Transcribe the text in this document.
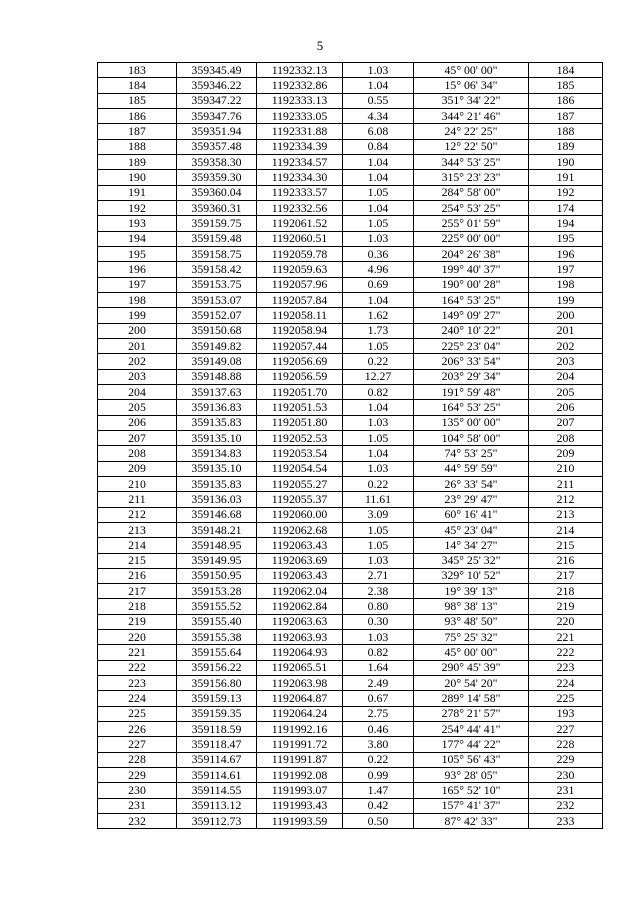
5
183	359345.49	1192332.13	1.03	45° 00' 00"	184
184	359346.22	1192332.86	1.04	15° 06' 34"	185
185	359347.22	1192333.13	0.55	351° 34' 22"	186
186	359347.76	1192333.05	4.34	344° 21' 46"	187
187	359351.94	1192331.88	6.08	24° 22' 25"	188
188	359357.48	1192334.39	0.84	12° 22' 50"	189
189	359358.30	1192334.57	1.04	344° 53' 25"	190
190	359359.30	1192334.30	1.04	315° 23' 23"	191
191	359360.04	1192333.57	1.05	284° 58' 00"	192
192	359360.31	1192332.56	1.04	254° 53' 25"	174
193	359159.75	1192061.52	1.05	255° 01' 59"	194
194	359159.48	1192060.51	1.03	225° 00' 00"	195
195	359158.75	1192059.78	0.36	204° 26' 38"	196
196	359158.42	1192059.63	4.96	199° 40' 37"	197
197	359153.75	1192057.96	0.69	190° 00' 28"	198
198	359153.07	1192057.84	1.04	164° 53' 25"	199
199	359152.07	1192058.11	1.62	149° 09' 27"	200
200	359150.68	1192058.94	1.73	240° 10' 22"	201
201	359149.82	1192057.44	1.05	225° 23' 04"	202
202	359149.08	1192056.69	0.22	206° 33' 54"	203
203	359148.88	1192056.59	12.27	203° 29' 34"	204
204	359137.63	1192051.70	0.82	191° 59' 48"	205
205	359136.83	1192051.53	1.04	164° 53' 25"	206
206	359135.83	1192051.80	1.03	135° 00' 00"	207
207	359135.10	1192052.53	1.05	104° 58' 00"	208
208	359134.83	1192053.54	1.04	74° 53' 25"	209
209	359135.10	1192054.54	1.03	44° 59' 59"	210
210	359135.83	1192055.27	0.22	26° 33' 54"	211
211	359136.03	1192055.37	11.61	23° 29' 47"	212
212	359146.68	1192060.00	3.09	60° 16' 41"	213
213	359148.21	1192062.68	1.05	45° 23' 04"	214
214	359148.95	1192063.43	1.05	14° 34' 27"	215
215	359149.95	1192063.69	1.03	345° 25' 32"	216
216	359150.95	1192063.43	2.71	329° 10' 52"	217
217	359153.28	1192062.04	2.38	19° 39' 13"	218
218	359155.52	1192062.84	0.80	98° 38' 13"	219
219	359155.40	1192063.63	0.30	93° 48' 50"	220
220	359155.38	1192063.93	1.03	75° 25' 32"	221
221	359155.64	1192064.93	0.82	45° 00' 00"	222
222	359156.22	1192065.51	1.64	290° 45' 39"	223
223	359156.80	1192063.98	2.49	20° 54' 20"	224
224	359159.13	1192064.87	0.67	289° 14' 58"	225
225	359159.35	1192064.24	2.75	278° 21' 57"	193
226	359118.59	1191992.16	0.46	254° 44' 41"	227
227	359118.47	1191991.72	3.80	177° 44' 22"	228
228	359114.67	1191991.87	0.22	105° 56' 43"	229
229	359114.61	1191992.08	0.99	93° 28' 05"	230
230	359114.55	1191993.07	1.47	165° 52' 10"	231
231	359113.12	1191993.43	0.42	157° 41' 37"	232
232	359112.73	1191993.59	0.50	87° 42' 33"	233
